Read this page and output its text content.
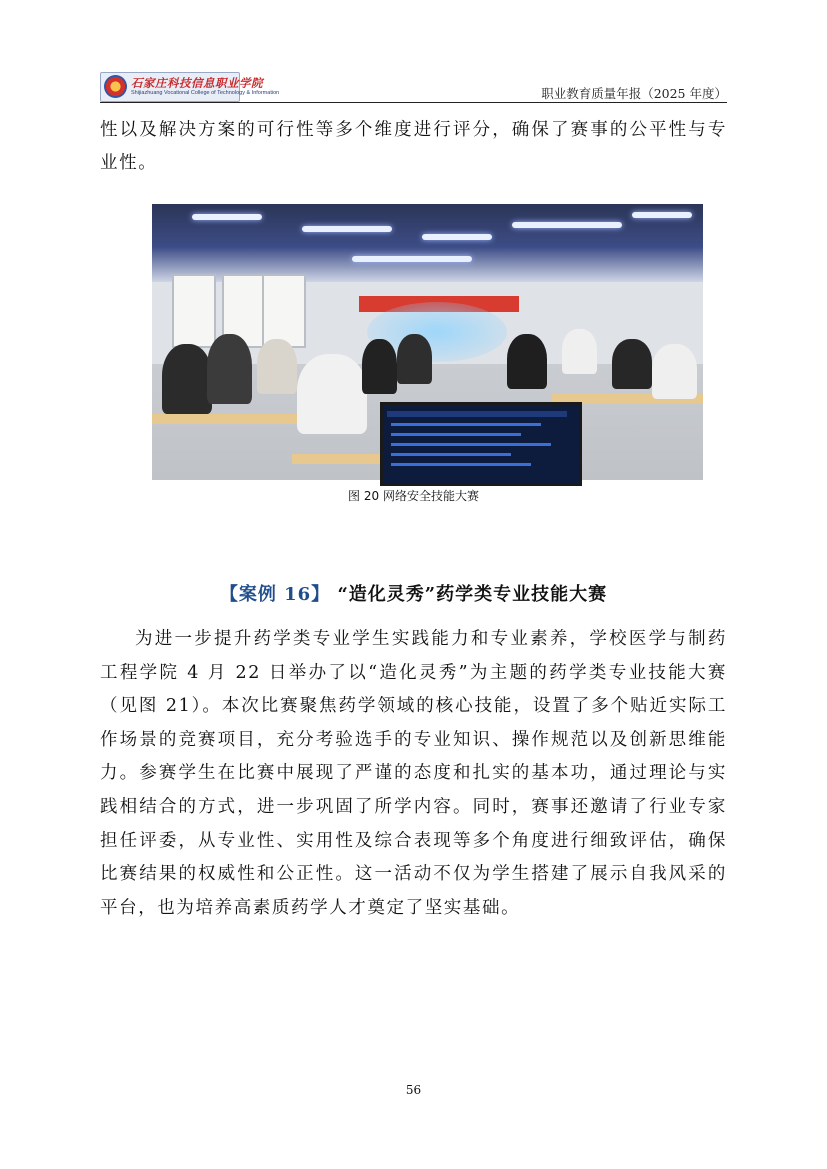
石家庄科技信息职业学院
Shijiazhuang Vocational College of Technology & Information	职业教育质量年报（2025 年度）

性以及解决方案的可行性等多个维度进行评分，确保了赛事的公平性与专业性。

图 20 网络安全技能大赛
【案例 16】 “造化灵秀”药学类专业技能大赛

为进一步提升药学类专业学生实践能力和专业素养，学校医学与制药工程学院 4 月 22 日举办了以“造化灵秀”为主题的药学类专业技能大赛（见图 21）。本次比赛聚焦药学领域的核心技能，设置了多个贴近实际工作场景的竞赛项目，充分考验选手的专业知识、操作规范以及创新思维能力。参赛学生在比赛中展现了严谨的态度和扎实的基本功，通过理论与实践相结合的方式，进一步巩固了所学内容。同时，赛事还邀请了行业专家担任评委，从专业性、实用性及综合表现等多个角度进行细致评估，确保比赛结果的权威性和公正性。这一活动不仅为学生搭建了展示自我风采的平台，也为培养高素质药学人才奠定了坚实基础。

56
